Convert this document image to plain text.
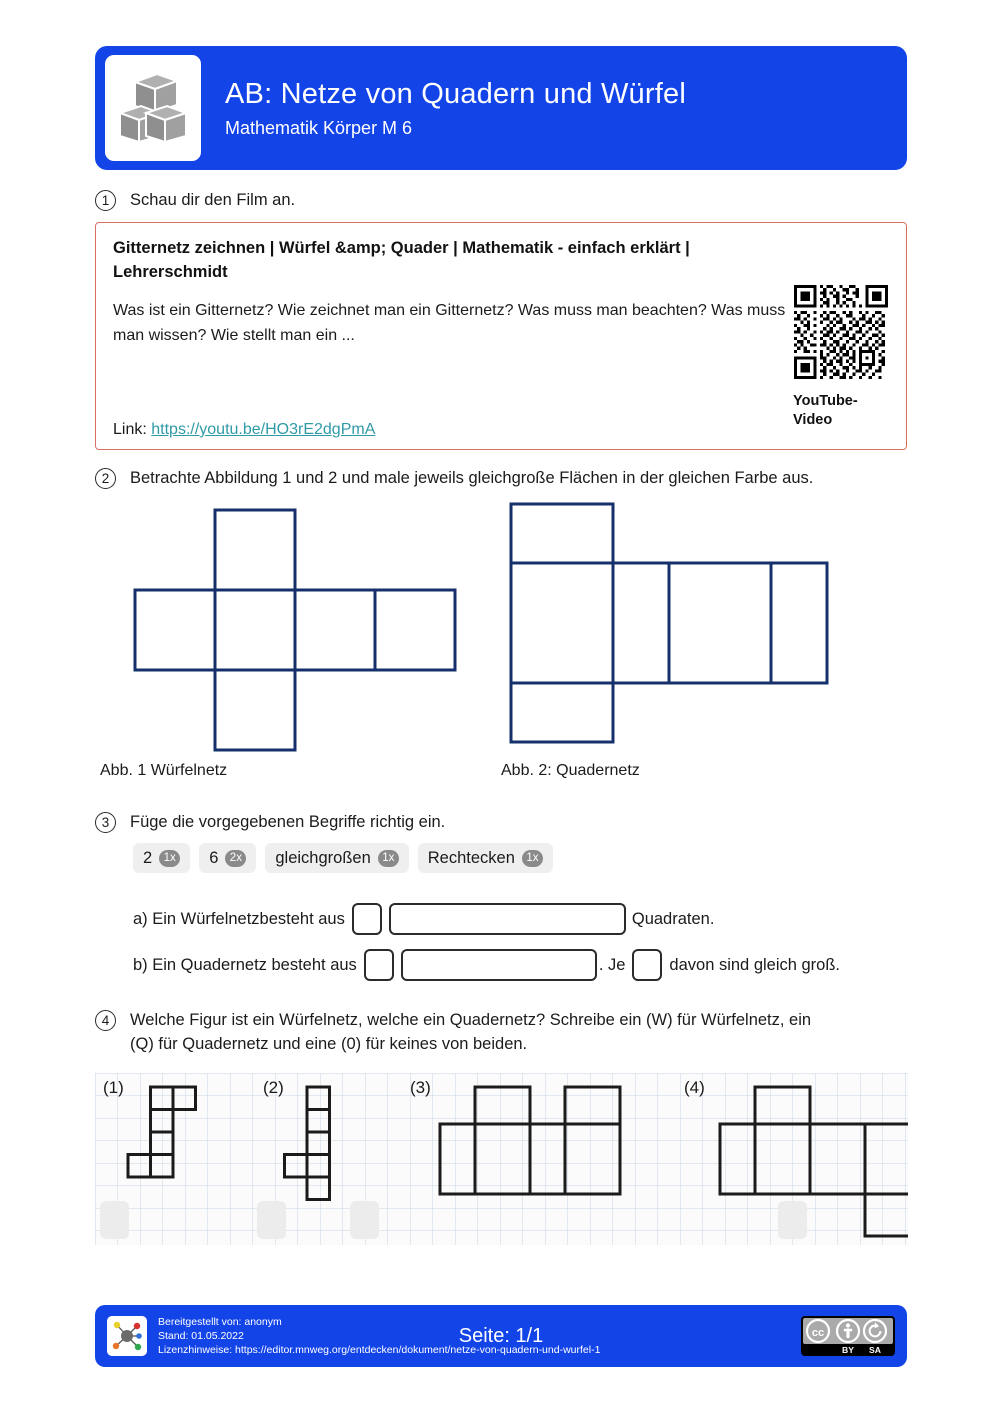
AB: Netze von Quadern und Würfel
Mathematik Körper M 6
1	Schau dir den Film an.
Gitternetz zeichnen | Würfel &amp; Quader | Mathematik - einfach erklärt | Lehrerschmidt
Was ist ein Gitternetz? Wie zeichnet man ein Gitternetz? Was muss man beachten? Was muss man wissen? Wie stellt man ein ...
Link: https://youtu.be/HO3rE2dgPmA
YouTube-
Video
2	Betrachte Abbildung 1 und 2 und male jeweils gleichgroße Flächen in der gleichen Farbe aus.
Abb. 1 Würfelnetz	Abb. 2: Quadernetz
3	Füge die vorgegebenen Begriffe richtig ein.
2 1x 6 2x gleichgroßen 1x Rechtecken 1x
a) Ein Würfelnetzbesteht aus	Quadraten.
b) Ein Quadernetz besteht aus	. Je	davon sind gleich groß.
4	Welche Figur ist ein Würfelnetz, welche ein Quadernetz? Schreibe ein (W) für Würfelnetz, ein
(Q) für Quadernetz und eine (0) für keines von beiden.
(1)	(2)	(3)	(4)
Bereitgestellt von: anonym
Stand: 01.05.2022
Lizenzhinweise: https://editor.mnweg.org/entdecken/dokument/netze-von-quadern-und-wurfel-1
Seite: 1/1	cc
BY SA
